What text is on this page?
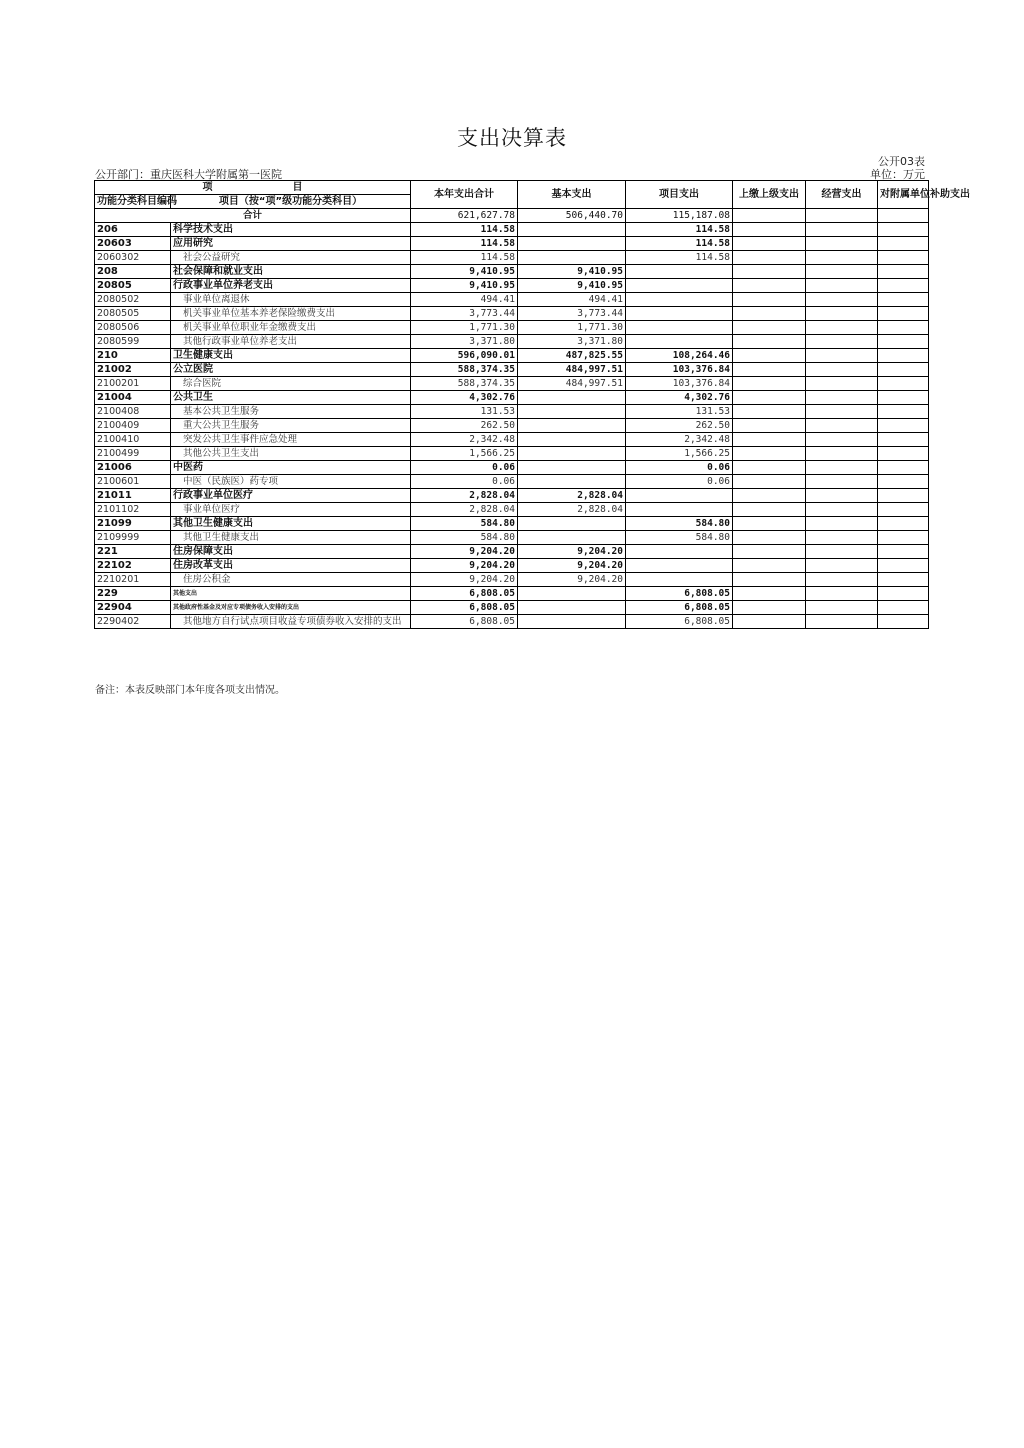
支出决算表
公开03表
公开部门：重庆医科大学附属第一医院	单位：万元
项　　　　　　　　目		本年支出合计	基本支出	项目支出	上缴上级支出	经营支出	对附属单位补助支出
功能分类科目编码	项目（按“项”级功能分类科目）						
合计		621,627.78	506,440.70	115,187.08			
206	科学技术支出	114.58		114.58			
20603	应用研究	114.58		114.58			
2060302	社会公益研究	114.58		114.58			
208	社会保障和就业支出	9,410.95	9,410.95				
20805	行政事业单位养老支出	9,410.95	9,410.95				
2080502	事业单位离退休	494.41	494.41				
2080505	机关事业单位基本养老保险缴费支出	3,773.44	3,773.44				
2080506	机关事业单位职业年金缴费支出	1,771.30	1,771.30				
2080599	其他行政事业单位养老支出	3,371.80	3,371.80				
210	卫生健康支出	596,090.01	487,825.55	108,264.46			
21002	公立医院	588,374.35	484,997.51	103,376.84			
2100201	综合医院	588,374.35	484,997.51	103,376.84			
21004	公共卫生	4,302.76		4,302.76			
2100408	基本公共卫生服务	131.53		131.53			
2100409	重大公共卫生服务	262.50		262.50			
2100410	突发公共卫生事件应急处理	2,342.48		2,342.48			
2100499	其他公共卫生支出	1,566.25		1,566.25			
21006	中医药	0.06		0.06			
2100601	中医（民族医）药专项	0.06		0.06			
21011	行政事业单位医疗	2,828.04	2,828.04				
2101102	事业单位医疗	2,828.04	2,828.04				
21099	其他卫生健康支出	584.80		584.80			
2109999	其他卫生健康支出	584.80		584.80			
221	住房保障支出	9,204.20	9,204.20				
22102	住房改革支出	9,204.20	9,204.20				
2210201	住房公积金	9,204.20	9,204.20				
229	其他支出	6,808.05		6,808.05			
22904	其他政府性基金及对应专项债务收入安排的支出	6,808.05		6,808.05			
2290402	其他地方自行试点项目收益专项债券收入安排的支出	6,808.05		6,808.05			
备注：本表反映部门本年度各项支出情况。
